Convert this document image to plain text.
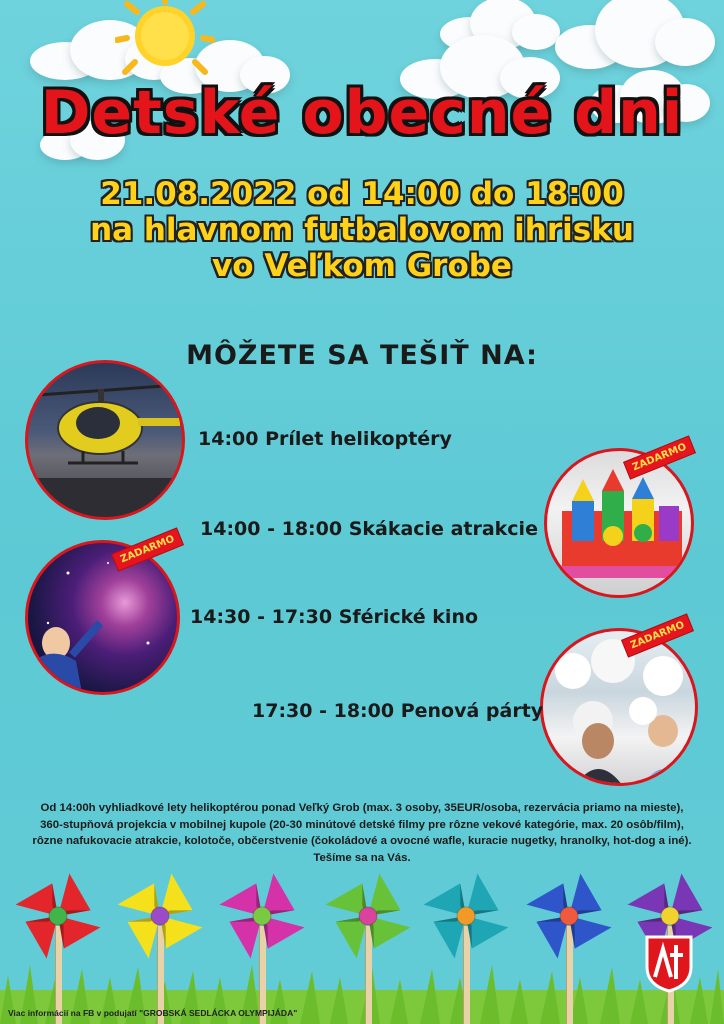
Detské obecné dni
21.08.2022 od 14:00 do 18:00
na hlavnom futbalovom ihrisku
vo Veľkom Grobe
MÔŽETE SA TEŠIŤ NA:
14:00 Prílet helikoptéry
ZADARMO
14:00 - 18:00 Skákacie atrakcie
ZADARMO
14:30 - 17:30 Sférické kino
ZADARMO
17:30 - 18:00 Penová párty
Od 14:00h vyhliadkové lety helikoptérou ponad Veľký Grob (max. 3 osoby, 35EUR/osoba, rezervácia priamo na mieste),
360-stupňová projekcia v mobilnej kupole (20-30 minútové detské filmy pre rôzne vekové kategórie, max. 20 osôb/film),
rôzne nafukovacie atrakcie, kolotoče, občerstvenie (čokoládové a ovocné wafle, kuracie nugetky, hranolky, hot-dog a iné).
Tešíme sa na Vás.
Viac informácií na FB v podujatí "GROBSKÁ SEDLÁCKA OLYMPIJÁDA"
